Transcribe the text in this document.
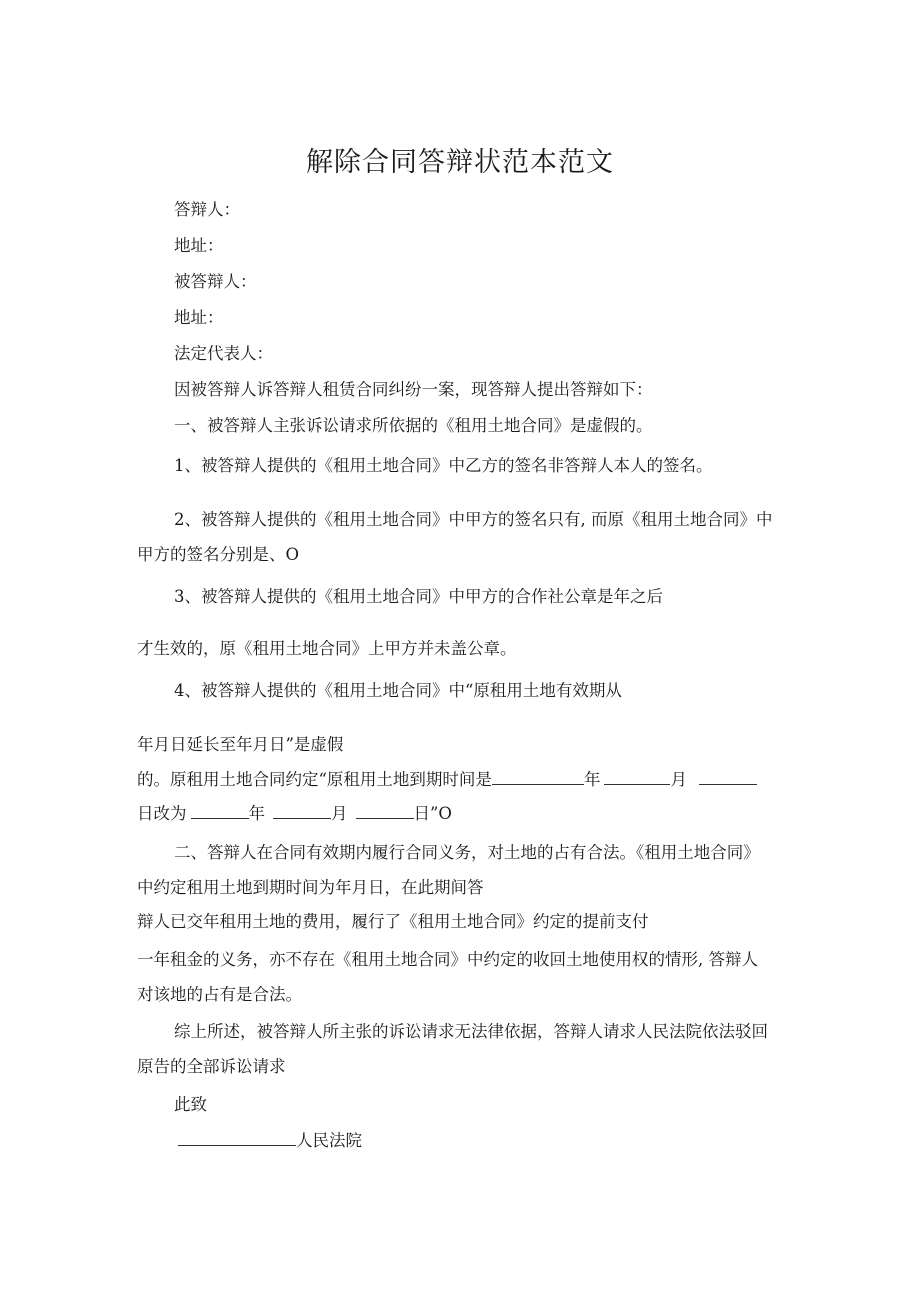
解除合同答辩状范本范文
答辩人：
地址：
被答辩人：
地址：
法定代表人：
因被答辩人诉答辩人租赁合同纠纷一案，现答辩人提出答辩如下：
一、被答辩人主张诉讼请求所依据的《租用土地合同》是虚假的。
1、被答辩人提供的《租用土地合同》中乙方的签名非答辩人本人的签名。
2、被答辩人提供的《租用土地合同》中甲方的签名只有, 而原《租用土地合同》中
甲方的签名分别是、O
3、被答辩人提供的《租用土地合同》中甲方的合作社公章是年之后
才生效的，原《租用土地合同》上甲方并未盖公章。
4、被答辩人提供的《租用土地合同》中“原租用土地有效期从
年月日延长至年月日”是虚假
的。原租用土地合同约定“原租用土地到期时间是	年	月
日改为	年	月	日”O
二、答辩人在合同有效期内履行合同义务，对土地的占有合法。《租用土地合同》
中约定租用土地到期时间为年月日，在此期间答
辩人已交年租用土地的费用，履行了《租用土地合同》约定的提前支付
一年租金的义务，亦不存在《租用土地合同》中约定的收回土地使用权的情形, 答辩人
对该地的占有是合法。
综上所述，被答辩人所主张的诉讼请求无法律依据，答辩人请求人民法院依法驳回
原告的全部诉讼请求
此致
人民法院
